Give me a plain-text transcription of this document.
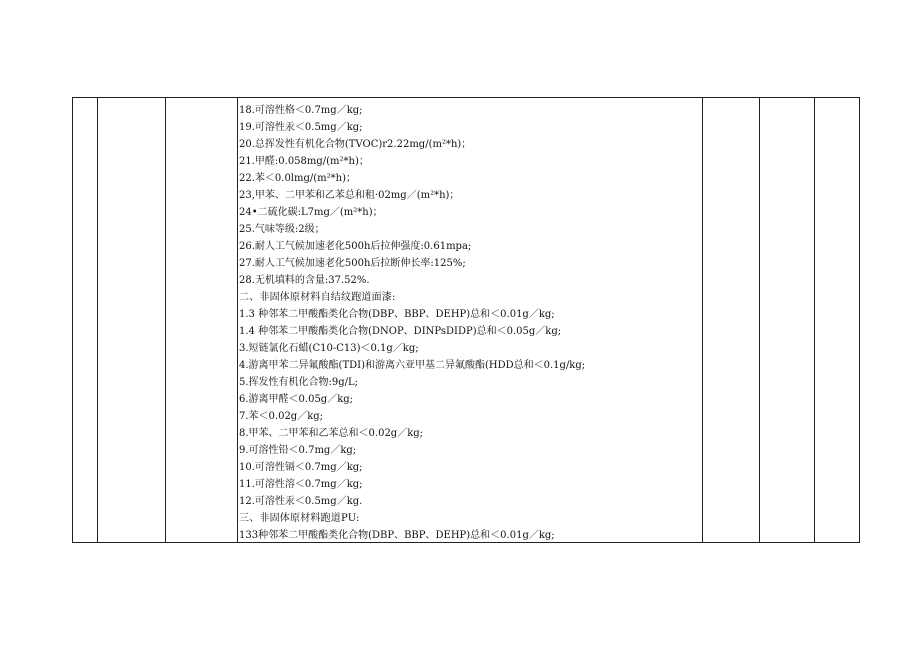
18.可溶性格＜0.7mg／kg;
19.可溶性汞＜0.5mg／kg;
20.总挥发性有机化合物(TVOC)r2.22mg/(m²*h)；
21.甲醛:0.058mg/(m²*h)；
22.苯＜0.0lmg/(m²*h)；
23,甲苯、二甲苯和乙苯总和租·02mg／(m²*h)；
24•二硫化碳:L7mg／(m²*h)；
25.气味等级:2级；
26.耐人工气候加速老化500h后拉伸强度:0.61mpa;
27.耐人工气候加速老化500h后拉断伸长率:125%;
28.无机填料的含量:37.52%.
二、非固体原材料自结纹跑道面漆:
1.3 种邻苯二甲酸酯类化合物(DBP、BBP、DEHP)总和＜0.01g／kg;
1.4 种邻苯二甲酸酯类化合物(DNOP、DINPsDIDP)总和＜0.05g／kg;
3.短链氯化石蜡(C10-C13)＜0.1g／kg;
4.游离甲苯二异氟酸酯(TDI)和游离六亚甲基二异氟酸酯(HDD总和＜0.1g/kg;
5.挥发性有机化合物:9g/L;
6.游离甲醛＜0.05g／kg;
7.苯＜0.02g／kg;
8.甲苯、二甲苯和乙苯总和＜0.02g／kg;
9.可溶性铅＜0.7mg／kg;
10.可溶性镉＜0.7mg／kg;
11.可溶性溶＜0.7mg／kg;
12.可溶性汞＜0.5mg／kg.
三、非固体原材料跑道PU:
133种邻苯二甲酸酯类化合物(DBP、BBP、DEHP)总和＜0.01g／kg;
